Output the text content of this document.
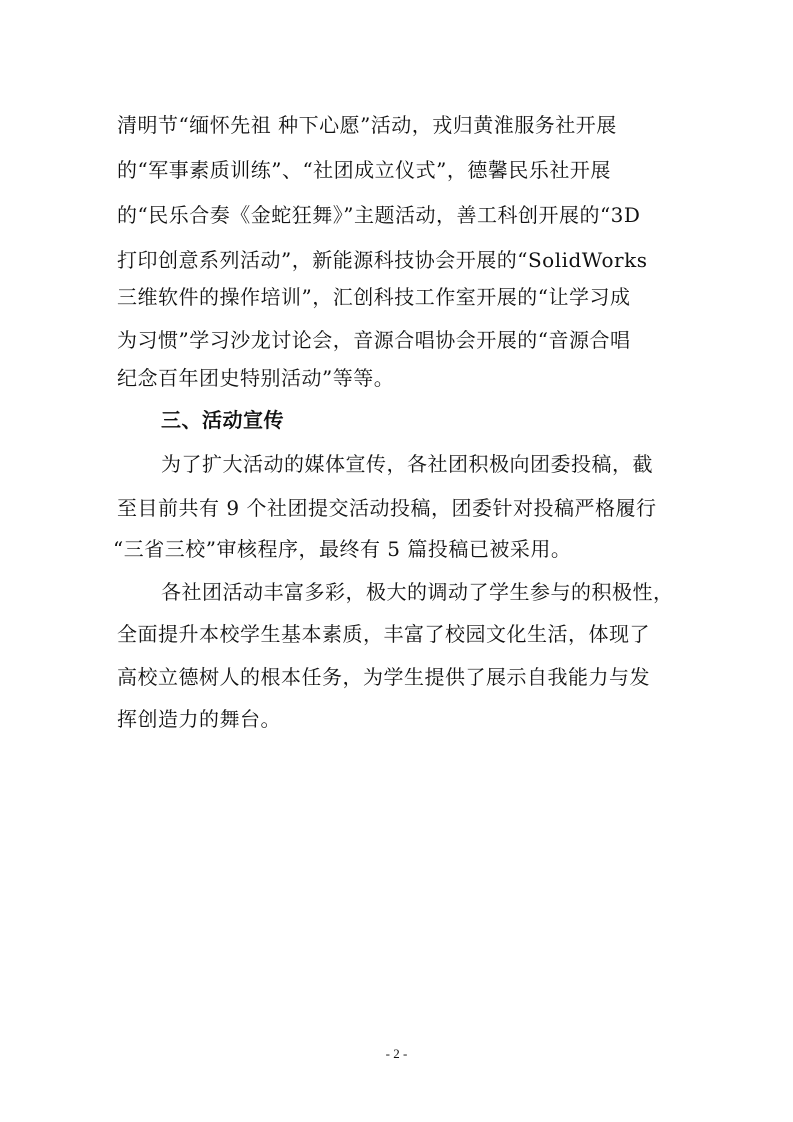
清明节“缅怀先祖 种下心愿”活动，戎归黄淮服务社开展
的“军事素质训练”、“社团成立仪式”，德馨民乐社开展
的“民乐合奏《金蛇狂舞》”主题活动，善工科创开展的“3D
打印创意系列活动”，新能源科技协会开展的“SolidWorks
三维软件的操作培训”，汇创科技工作室开展的“让学习成
为习惯”学习沙龙讨论会，音源合唱协会开展的“音源合唱
纪念百年团史特别活动”等等。
三、活动宣传
为了扩大活动的媒体宣传，各社团积极向团委投稿，截
至目前共有 9 个社团提交活动投稿，团委针对投稿严格履行
“三省三校”审核程序，最终有 5 篇投稿已被采用。
各社团活动丰富多彩，极大的调动了学生参与的积极性，
全面提升本校学生基本素质，丰富了校园文化生活，体现了
高校立德树人的根本任务，为学生提供了展示自我能力与发
挥创造力的舞台。
- 2 -
